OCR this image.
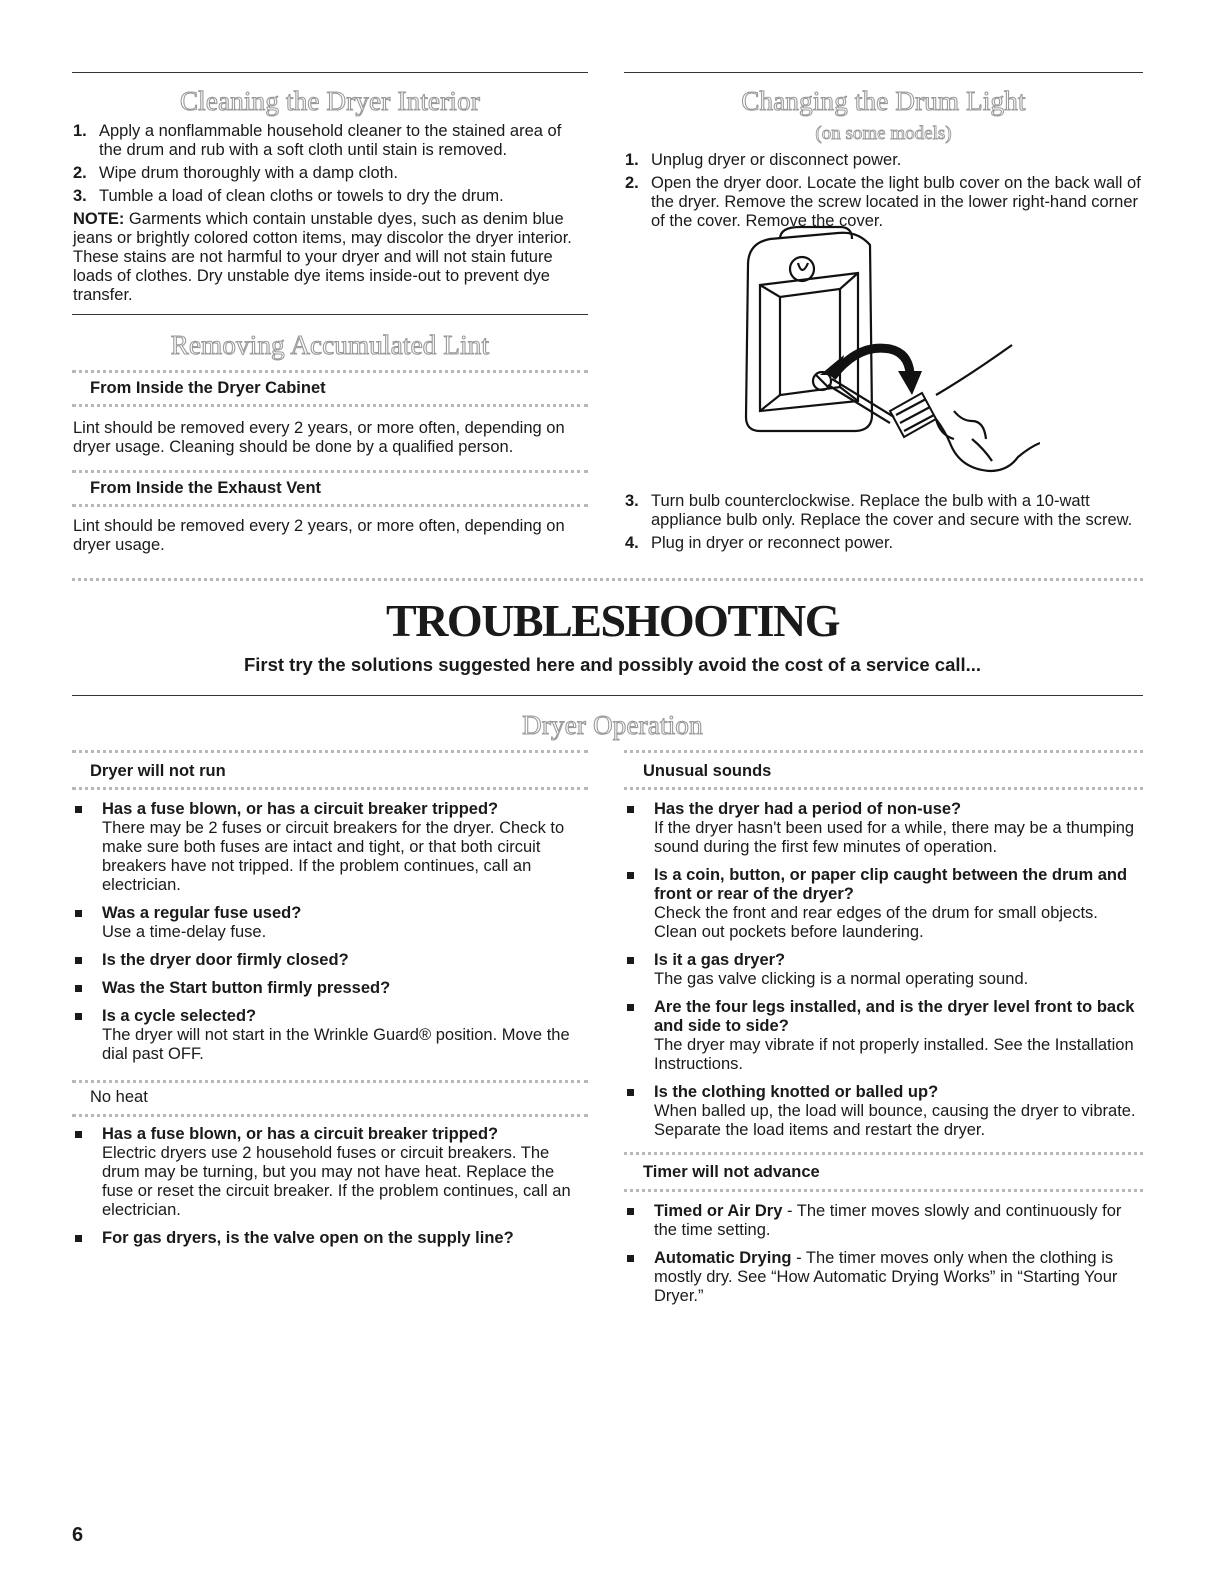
Cleaning the Dryer Interior
1. Apply a nonflammable household cleaner to the stained area of the drum and rub with a soft cloth until stain is removed.
2. Wipe drum thoroughly with a damp cloth.
3. Tumble a load of clean cloths or towels to dry the drum.
NOTE: Garments which contain unstable dyes, such as denim blue jeans or brightly colored cotton items, may discolor the dryer interior. These stains are not harmful to your dryer and will not stain future loads of clothes. Dry unstable dye items inside-out to prevent dye transfer.
Removing Accumulated Lint
From Inside the Dryer Cabinet
Lint should be removed every 2 years, or more often, depending on dryer usage. Cleaning should be done by a qualified person.
From Inside the Exhaust Vent
Lint should be removed every 2 years, or more often, depending on dryer usage.
Changing the Drum Light
(on some models)
1. Unplug dryer or disconnect power.
2. Open the dryer door. Locate the light bulb cover on the back wall of the dryer. Remove the screw located in the lower right-hand corner of the cover. Remove the cover.
3. Turn bulb counterclockwise. Replace the bulb with a 10-watt appliance bulb only. Replace the cover and secure with the screw.
4. Plug in dryer or reconnect power.
TROUBLESHOOTING
First try the solutions suggested here and possibly avoid the cost of a service call...
Dryer Operation
Dryer will not run
Has a fuse blown, or has a circuit breaker tripped?
There may be 2 fuses or circuit breakers for the dryer. Check to make sure both fuses are intact and tight, or that both circuit breakers have not tripped. If the problem continues, call an electrician.
Was a regular fuse used?
Use a time-delay fuse.
Is the dryer door firmly closed?
Was the Start button firmly pressed?
Is a cycle selected?
The dryer will not start in the Wrinkle Guard® position. Move the dial past OFF.
No heat
Has a fuse blown, or has a circuit breaker tripped?
Electric dryers use 2 household fuses or circuit breakers. The drum may be turning, but you may not have heat. Replace the fuse or reset the circuit breaker. If the problem continues, call an electrician.
For gas dryers, is the valve open on the supply line?
Unusual sounds
Has the dryer had a period of non-use?
If the dryer hasn't been used for a while, there may be a thumping sound during the first few minutes of operation.
Is a coin, button, or paper clip caught between the drum and front or rear of the dryer?
Check the front and rear edges of the drum for small objects. Clean out pockets before laundering.
Is it a gas dryer?
The gas valve clicking is a normal operating sound.
Are the four legs installed, and is the dryer level front to back and side to side?
The dryer may vibrate if not properly installed. See the Installation Instructions.
Is the clothing knotted or balled up?
When balled up, the load will bounce, causing the dryer to vibrate. Separate the load items and restart the dryer.
Timer will not advance
Timed or Air Dry - The timer moves slowly and continuously for the time setting.
Automatic Drying - The timer moves only when the clothing is mostly dry. See “How Automatic Drying Works” in “Starting Your Dryer.”
6
